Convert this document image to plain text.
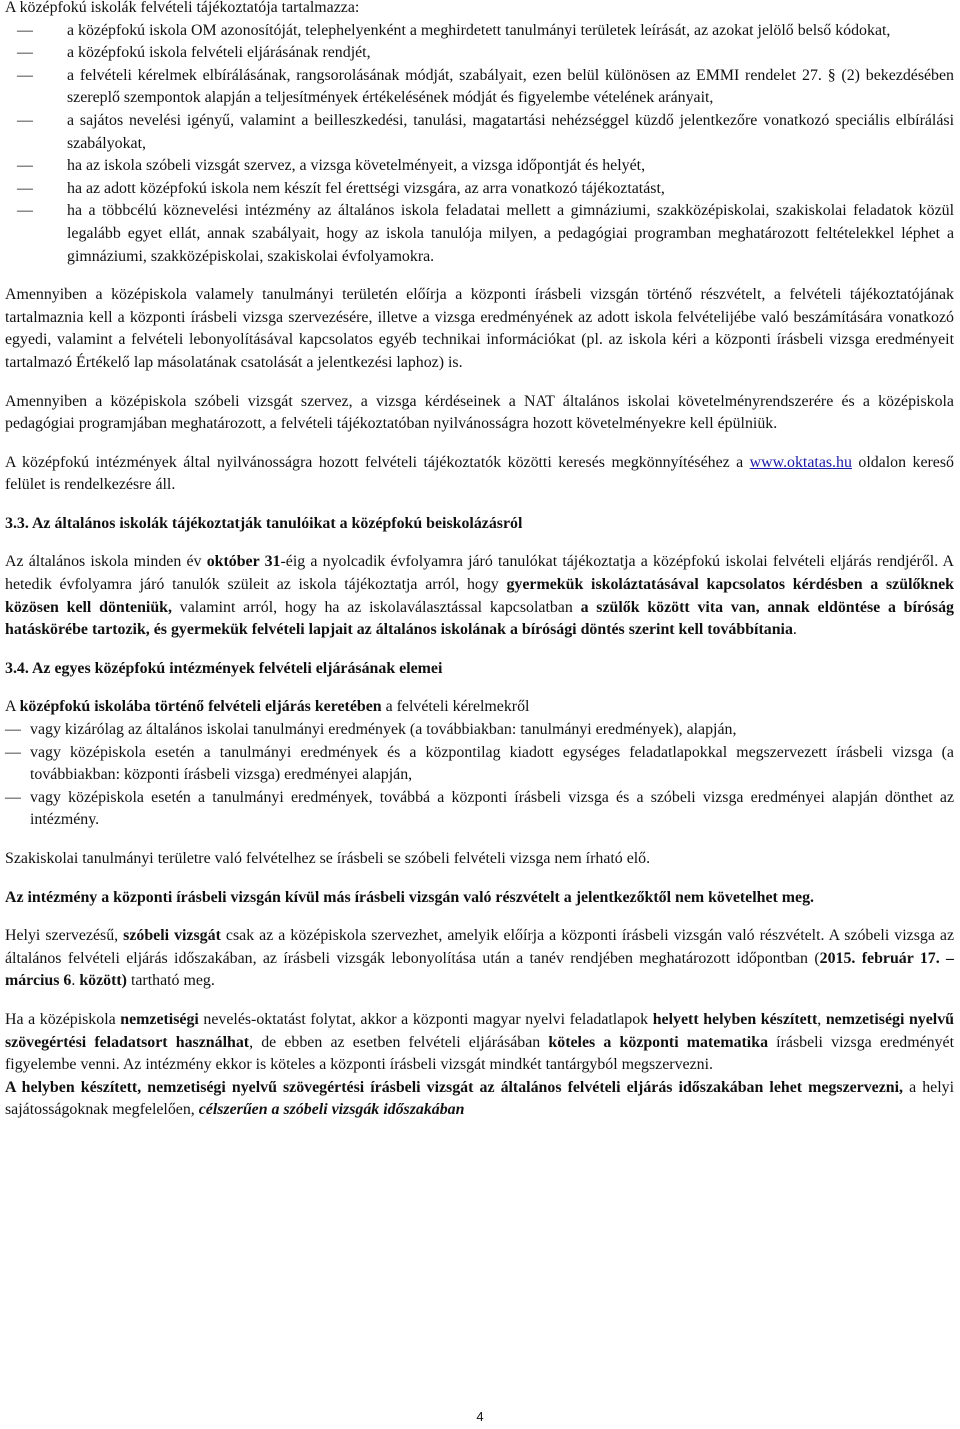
A középfokú iskolák felvételi tájékoztatója tartalmazza:

— a középfokú iskola OM azonosítóját, telephelyenként a meghirdetett tanulmányi területek leírását, az azokat jelölő belső kódokat,
— a középfokú iskola felvételi eljárásának rendjét,
— a felvételi kérelmek elbírálásának, rangsorolásának módját, szabályait, ezen belül különösen az EMMI rendelet 27. § (2) bekezdésében szereplő szempontok alapján a teljesítmények értékelésének módját és figyelembe vételének arányait,
— a sajátos nevelési igényű, valamint a beilleszkedési, tanulási, magatartási nehézséggel küzdő jelentkezőre vonatkozó speciális elbírálási szabályokat,
— ha az iskola szóbeli vizsgát szervez, a vizsga követelményeit, a vizsga időpontját és helyét,
— ha az adott középfokú iskola nem készít fel érettségi vizsgára, az arra vonatkozó tájékoztatást,
— ha a többcélú köznevelési intézmény az általános iskola feladatai mellett a gimnáziumi, szakközépiskolai, szakiskolai feladatok közül legalább egyet ellát, annak szabályait, hogy az iskola tanulója milyen, a pedagógiai programban meghatározott feltételekkel léphet a gimnáziumi, szakközépiskolai, szakiskolai évfolyamokra.

Amennyiben a középiskola valamely tanulmányi területén előírja a központi írásbeli vizsgán történő részvételt, a felvételi tájékoztatójának tartalmaznia kell a központi írásbeli vizsga szervezésére, illetve a vizsga eredményének az adott iskola felvételijébe való beszámítására vonatkozó egyedi, valamint a felvételi lebonyolításával kapcsolatos egyéb technikai információkat (pl. az iskola kéri a központi írásbeli vizsga eredményeit tartalmazó Értékelő lap másolatának csatolását a jelentkezési laphoz) is.

Amennyiben a középiskola szóbeli vizsgát szervez, a vizsga kérdéseinek a NAT általános iskolai követelményrendszerére és a középiskola pedagógiai programjában meghatározott, a felvételi tájékoztatóban nyilvánosságra hozott követelményekre kell épülniük.

A középfokú intézmények által nyilvánosságra hozott felvételi tájékoztatók közötti keresés megkönnyítéséhez a www.oktatas.hu oldalon kereső felület is rendelkezésre áll.

3.3. Az általános iskolák tájékoztatják tanulóikat a középfokú beiskolázásról

Az általános iskola minden év október 31-éig a nyolcadik évfolyamra járó tanulókat tájékoztatja a középfokú iskolai felvételi eljárás rendjéről. A hetedik évfolyamra járó tanulók szüleit az iskola tájékoztatja arról, hogy gyermekük iskoláztatásával kapcsolatos kérdésben a szülőknek közösen kell dönteniük, valamint arról, hogy ha az iskolaválasztással kapcsolatban a szülők között vita van, annak eldöntése a bíróság hatáskörébe tartozik, és gyermekük felvételi lapjait az általános iskolának a bírósági döntés szerint kell továbbítania.

3.4. Az egyes középfokú intézmények felvételi eljárásának elemei

A középfokú iskolába történő felvételi eljárás keretében a felvételi kérelmekről

— vagy kizárólag az általános iskolai tanulmányi eredmények (a továbbiakban: tanulmányi eredmények), alapján,
— vagy középiskola esetén a tanulmányi eredmények és a központilag kiadott egységes feladatlapokkal megszervezett írásbeli vizsga (a továbbiakban: központi írásbeli vizsga) eredményei alapján,
— vagy középiskola esetén a tanulmányi eredmények, továbbá a központi írásbeli vizsga és a szóbeli vizsga eredményei alapján dönthet az intézmény.

Szakiskolai tanulmányi területre való felvételhez se írásbeli se szóbeli felvételi vizsga nem írható elő.

Az intézmény a központi írásbeli vizsgán kívül más írásbeli vizsgán való részvételt a jelentkezőktől nem követelhet meg.

Helyi szervezésű, szóbeli vizsgát csak az a középiskola szervezhet, amelyik előírja a központi írásbeli vizsgán való részvételt. A szóbeli vizsga az általános felvételi eljárás időszakában, az írásbeli vizsgák lebonyolítása után a tanév rendjében meghatározott időpontban (2015. február 17. – március 6. között) tartható meg.

Ha a középiskola nemzetiségi nevelés-oktatást folytat, akkor a központi magyar nyelvi feladatlapok helyett helyben készített, nemzetiségi nyelvű szövegértési feladatsort használhat, de ebben az esetben felvételi eljárásában köteles a központi matematika írásbeli vizsga eredményét figyelembe venni. Az intézmény ekkor is köteles a központi írásbeli vizsgát mindkét tantárgyból megszervezni.

A helyben készített, nemzetiségi nyelvű szövegértési írásbeli vizsgát az általános felvételi eljárás időszakában lehet megszervezni, a helyi sajátosságoknak megfelelően, célszerűen a szóbeli vizsgák időszakában

4
